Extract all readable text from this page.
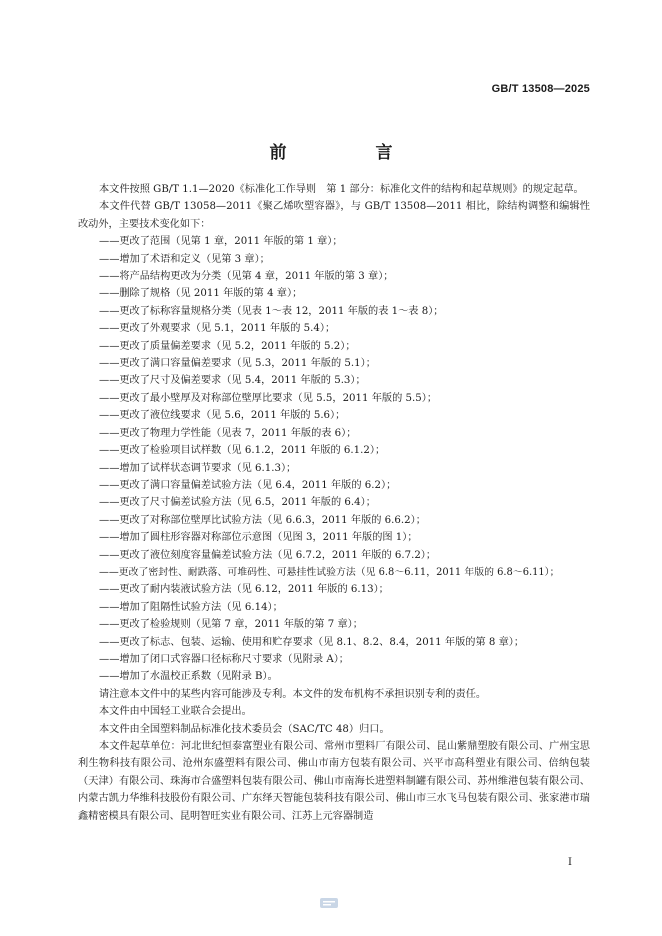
GB/T 13508—2025
前　言

本文件按照 GB/T 1.1—2020《标准化工作导则　第 1 部分：标准化文件的结构和起草规则》的规定起草。

本文件代替 GB/T 13058—2011《聚乙烯吹塑容器》，与 GB/T 13508—2011 相比，除结构调整和编辑性改动外，主要技术变化如下：

——更改了范围（见第 1 章，2011 年版的第 1 章）；

——增加了术语和定义（见第 3 章）；

——将产品结构更改为分类（见第 4 章，2011 年版的第 3 章）；

——删除了规格（见 2011 年版的第 4 章）；

——更改了标称容量规格分类（见表 1～表 12，2011 年版的表 1～表 8）；

——更改了外观要求（见 5.1，2011 年版的 5.4）；

——更改了质量偏差要求（见 5.2，2011 年版的 5.2）；

——更改了满口容量偏差要求（见 5.3，2011 年版的 5.1）；

——更改了尺寸及偏差要求（见 5.4，2011 年版的 5.3）；

——更改了最小壁厚及对称部位壁厚比要求（见 5.5，2011 年版的 5.5）；

——更改了液位线要求（见 5.6，2011 年版的 5.6）；

——更改了物理力学性能（见表 7，2011 年版的表 6）；

——更改了检验项目试样数（见 6.1.2，2011 年版的 6.1.2）；

——增加了试样状态调节要求（见 6.1.3）；

——更改了满口容量偏差试验方法（见 6.4，2011 年版的 6.2）；

——更改了尺寸偏差试验方法（见 6.5，2011 年版的 6.4）；

——更改了对称部位壁厚比试验方法（见 6.6.3，2011 年版的 6.6.2）；

——增加了圆柱形容器对称部位示意图（见图 3，2011 年版的图 1）；

——更改了液位刻度容量偏差试验方法（见 6.7.2，2011 年版的 6.7.2）；

——更改了密封性、耐跌落、可堆码性、可悬挂性试验方法（见 6.8～6.11，2011 年版的 6.8～6.11）；

——更改了耐内装液试验方法（见 6.12，2011 年版的 6.13）；

——增加了阻隔性试验方法（见 6.14）；

——更改了检验规则（见第 7 章，2011 年版的第 7 章）；

——更改了标志、包装、运输、使用和贮存要求（见 8.1、8.2、8.4，2011 年版的第 8 章）；

——增加了闭口式容器口径标称尺寸要求（见附录 A）；

——增加了水温校正系数（见附录 B）。

请注意本文件中的某些内容可能涉及专利。本文件的发布机构不承担识别专利的责任。

本文件由中国轻工业联合会提出。

本文件由全国塑料制品标准化技术委员会（SAC/TC 48）归口。

本文件起草单位：河北世纪恒泰富塑业有限公司、常州市塑料厂有限公司、昆山紫鼎塑胶有限公司、广州宝思利生物科技有限公司、沧州东盛塑料有限公司、佛山市南方包装有限公司、兴平市高科塑业有限公司、倍纳包装（天津）有限公司、珠海市合盛塑料包装有限公司、佛山市南海长进塑料制罐有限公司、苏州维港包装有限公司、内蒙古凯力华维科技股份有限公司、广东绎天智能包装科技有限公司、佛山市三水飞马包装有限公司、张家港市瑞鑫精密模具有限公司、昆明智旺实业有限公司、江苏上元容器制造

I
